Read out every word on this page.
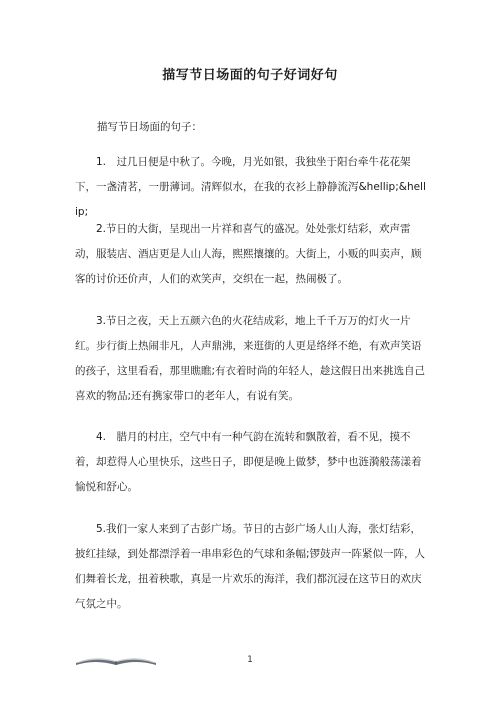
描写节日场面的句子好词好句
描写节日场面的句子：
1.　过几日便是中秋了。今晚，月光如银，我独坐于阳台牵牛花花架下，一盏清茗，一册薄词。清辉似水，在我的衣衫上静静流泻&hellip;&hellip;
2.节日的大街，呈现出一片祥和喜气的盛况。处处张灯结彩，欢声雷动，服装店、酒店更是人山人海，熙熙攘攘的。大街上，小贩的叫卖声，顾客的讨价还价声，人们的欢笑声，交织在一起，热闹极了。
3.节日之夜，天上五颜六色的火花结成彩，地上千千万万的灯火一片红。步行街上热闹非凡，人声鼎沸，来逛街的人更是络绎不绝，有欢声笑语的孩子，这里看看，那里瞧瞧;有衣着时尚的年轻人，趁这假日出来挑选自己喜欢的物品;还有携家带口的老年人，有说有笑。
4.　腊月的村庄，空气中有一种气韵在流转和飘散着，看不见，摸不着，却惹得人心里快乐，这些日子，即便是晚上做梦，梦中也涟漪般荡漾着愉悦和舒心。
5.我们一家人来到了古彭广场。节日的古彭广场人山人海，张灯结彩，披红挂绿，到处都漂浮着一串串彩色的气球和条幅;锣鼓声一阵紧似一阵，人们舞着长龙，扭着秧歌，真是一片欢乐的海洋，我们都沉浸在这节日的欢庆气氛之中。
1
